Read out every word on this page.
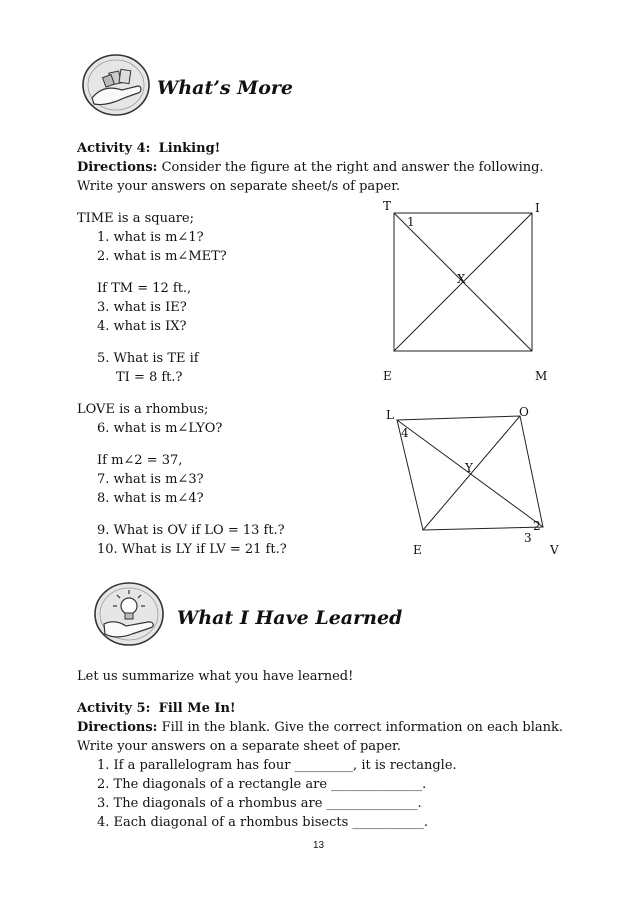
What’s More
Activity 4: Linking!
Directions: Consider the figure at the right and answer the following.
Write your answers on separate sheet/s of paper.
TIME is a square;
1. what is m∠1?
2. what is m∠MET?
If TM = 12 ft.,
3. what is IE?
4. what is IX?
5. What is TE if
TI = 8 ft.?
LOVE is a rhombus;
6. what is m∠LYO?
If m∠2 = 37,
7. what is m∠3?
8. what is m∠4?
9. What is OV if LO = 13 ft.?
10. What is LY if LV = 21 ft.?
T	I
E	M
X
1
L	O
E	V
Y
2
3
4
What I Have Learned
Let us summarize what you have learned!
Activity 5: Fill Me In!
Directions: Fill in the blank. Give the correct information on each blank. Write your answers on a separate sheet of paper.
1. If a parallelogram has four _________, it is rectangle.
2. The diagonals of a rectangle are ______________.
3. The diagonals of a rhombus are ______________.
4. Each diagonal of a rhombus bisects ___________.
13
